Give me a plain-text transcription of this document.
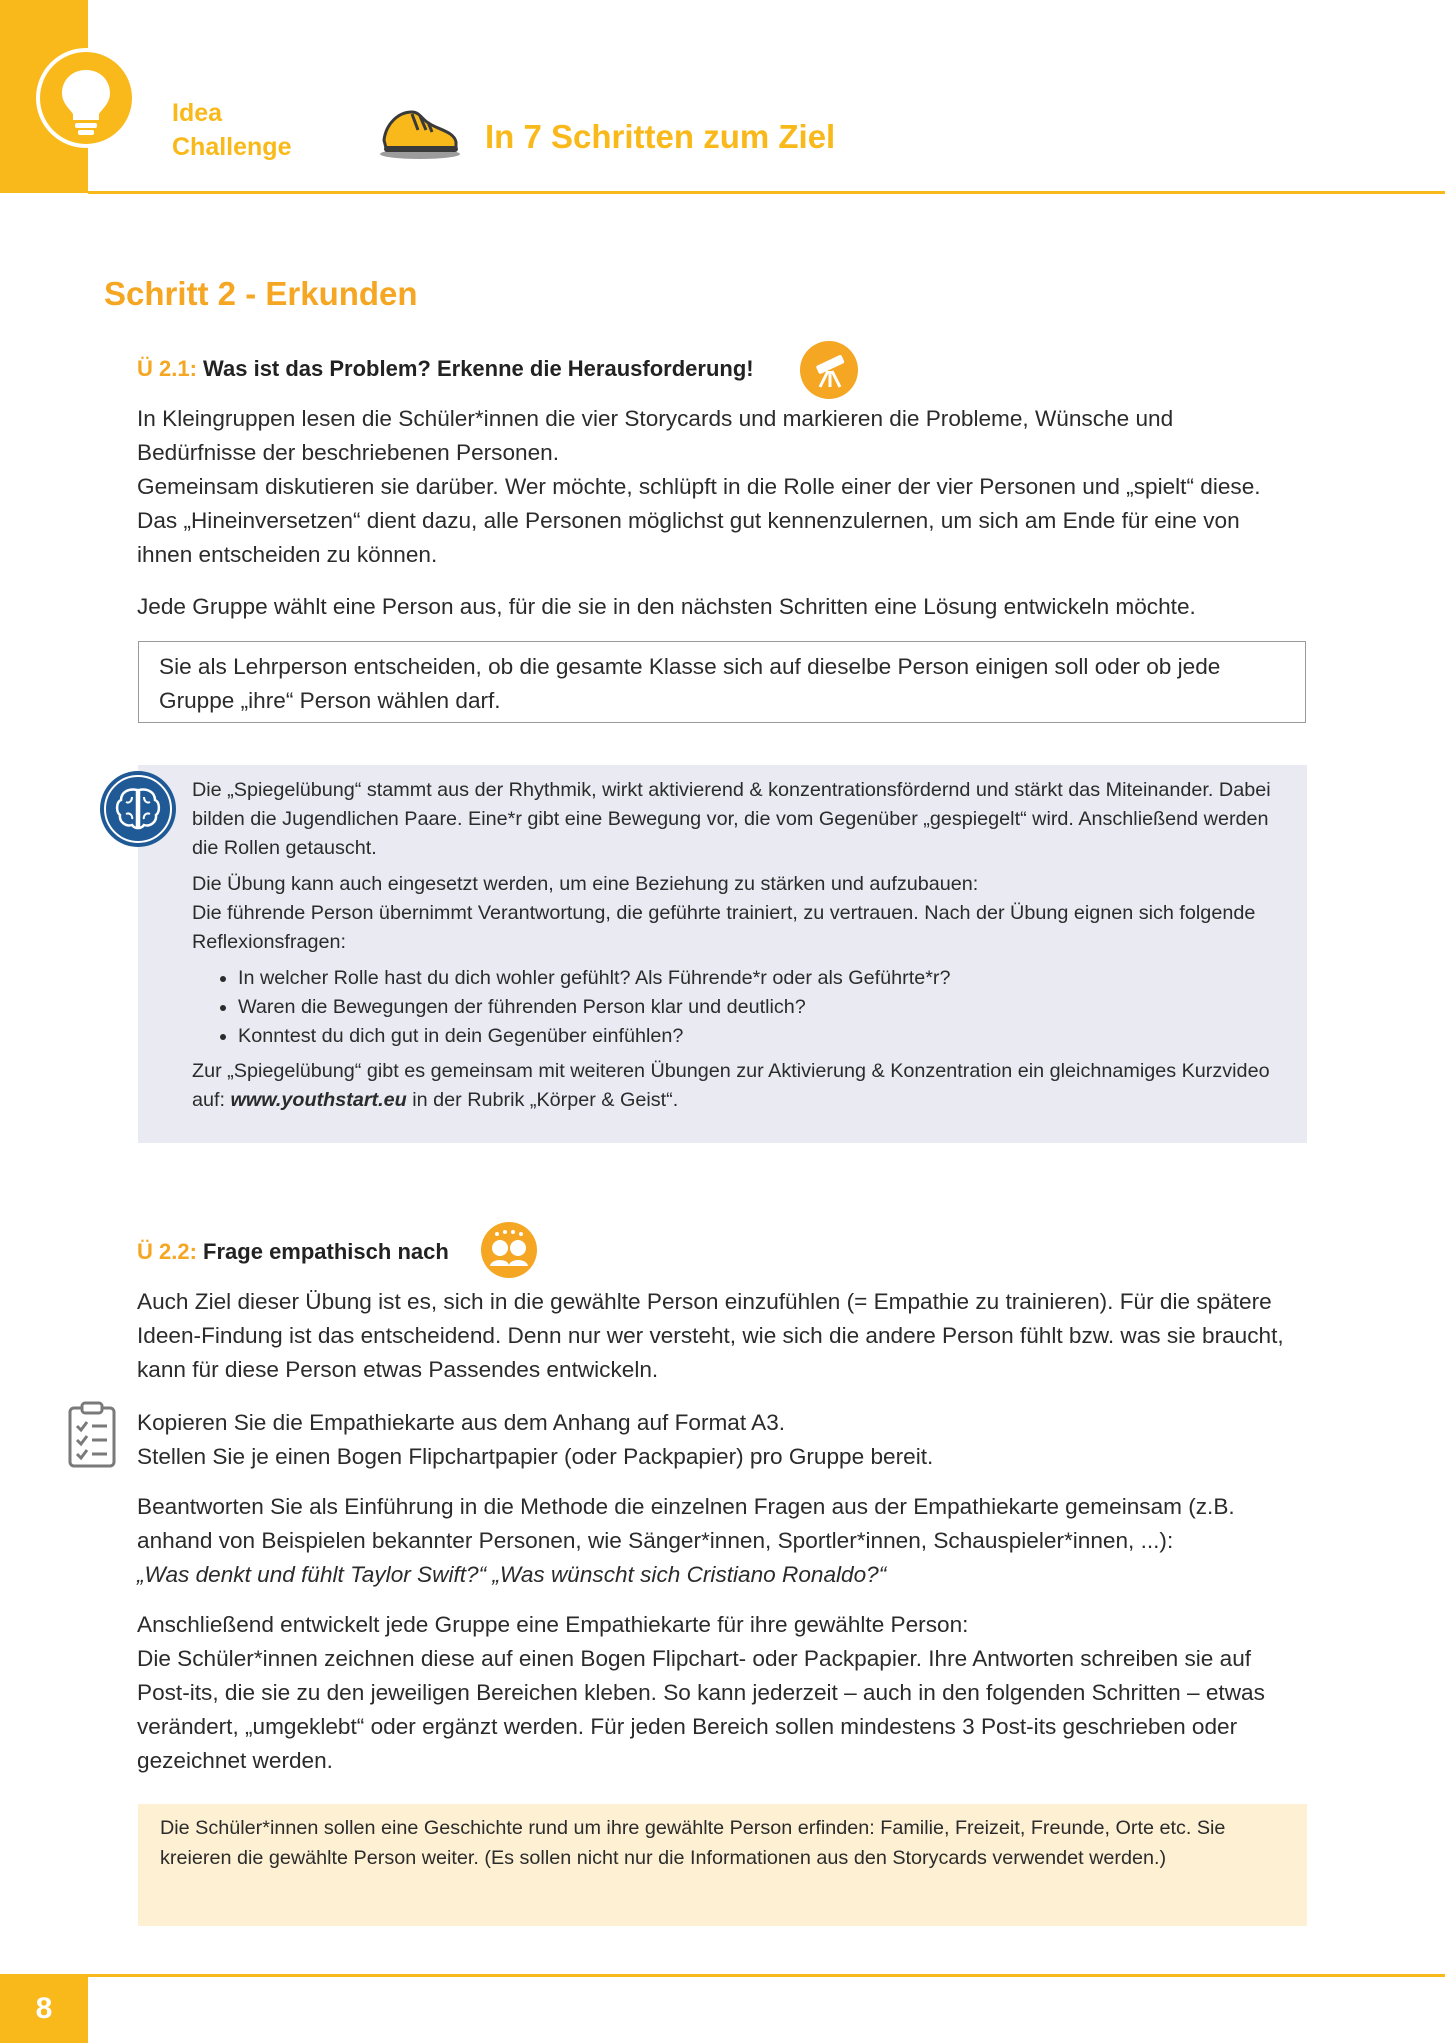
Idea
Challenge	In 7 Schritten zum Ziel
Schritt 2 - Erkunden
Ü 2.1: Was ist das Problem? Erkenne die Herausforderung!

In Kleingruppen lesen die Schüler*innen die vier Storycards und markieren die Probleme, Wünsche und Bedürfnisse der beschriebenen Personen.

Gemeinsam diskutieren sie darüber. Wer möchte, schlüpft in die Rolle einer der vier Personen und „spielt“ diese. Das „Hineinversetzen“ dient dazu, alle Personen möglichst gut kennenzulernen, um sich am Ende für eine von ihnen entscheiden zu können.

Jede Gruppe wählt eine Person aus, für die sie in den nächsten Schritten eine Lösung entwickeln möchte.

Sie als Lehrperson entscheiden, ob die gesamte Klasse sich auf dieselbe Person einigen soll oder ob jede Gruppe „ihre“ Person wählen darf.

Die „Spiegelübung“ stammt aus der Rhythmik, wirkt aktivierend & konzentrationsfördernd und stärkt das Miteinander. Dabei bilden die Jugendlichen Paare. Eine*r gibt eine Bewegung vor, die vom Gegenüber „gespiegelt“ wird. Anschließend werden die Rollen getauscht.

Die Übung kann auch eingesetzt werden, um eine Beziehung zu stärken und aufzubauen:
Die führende Person übernimmt Verantwortung, die geführte trainiert, zu vertrauen. Nach der Übung eignen sich folgende Reflexionsfragen:

• In welcher Rolle hast du dich wohler gefühlt? Als Führende*r oder als Geführte*r?
• Waren die Bewegungen der führenden Person klar und deutlich?
• Konntest du dich gut in dein Gegenüber einfühlen?

Zur „Spiegelübung“ gibt es gemeinsam mit weiteren Übungen zur Aktivierung & Konzentration ein gleichnamiges Kurzvideo auf: www.youthstart.eu in der Rubrik „Körper & Geist“.

Ü 2.2: Frage empathisch nach

Auch Ziel dieser Übung ist es, sich in die gewählte Person einzufühlen (= Empathie zu trainieren). Für die spätere Ideen-Findung ist das entscheidend. Denn nur wer versteht, wie sich die andere Person fühlt bzw. was sie braucht, kann für diese Person etwas Passendes entwickeln.

Kopieren Sie die Empathiekarte aus dem Anhang auf Format A3.

Stellen Sie je einen Bogen Flipchartpapier (oder Packpapier) pro Gruppe bereit.

Beantworten Sie als Einführung in die Methode die einzelnen Fragen aus der Empathiekarte gemeinsam (z.B. anhand von Beispielen bekannter Personen, wie Sänger*innen, Sportler*innen, Schauspieler*innen, ...):

„Was denkt und fühlt Taylor Swift?“ „Was wünscht sich Cristiano Ronaldo?“

Anschließend entwickelt jede Gruppe eine Empathiekarte für ihre gewählte Person:

Die Schüler*innen zeichnen diese auf einen Bogen Flipchart- oder Packpapier. Ihre Antworten schreiben sie auf Post-its, die sie zu den jeweiligen Bereichen kleben. So kann jederzeit – auch in den folgenden Schritten – etwas verändert, „umgeklebt“ oder ergänzt werden. Für jeden Bereich sollen mindestens 3 Post-its geschrieben oder gezeichnet werden.

Die Schüler*innen sollen eine Geschichte rund um ihre gewählte Person erfinden: Familie, Freizeit, Freunde, Orte etc. Sie kreieren die gewählte Person weiter. (Es sollen nicht nur die Informationen aus den Storycards verwendet werden.)
8
